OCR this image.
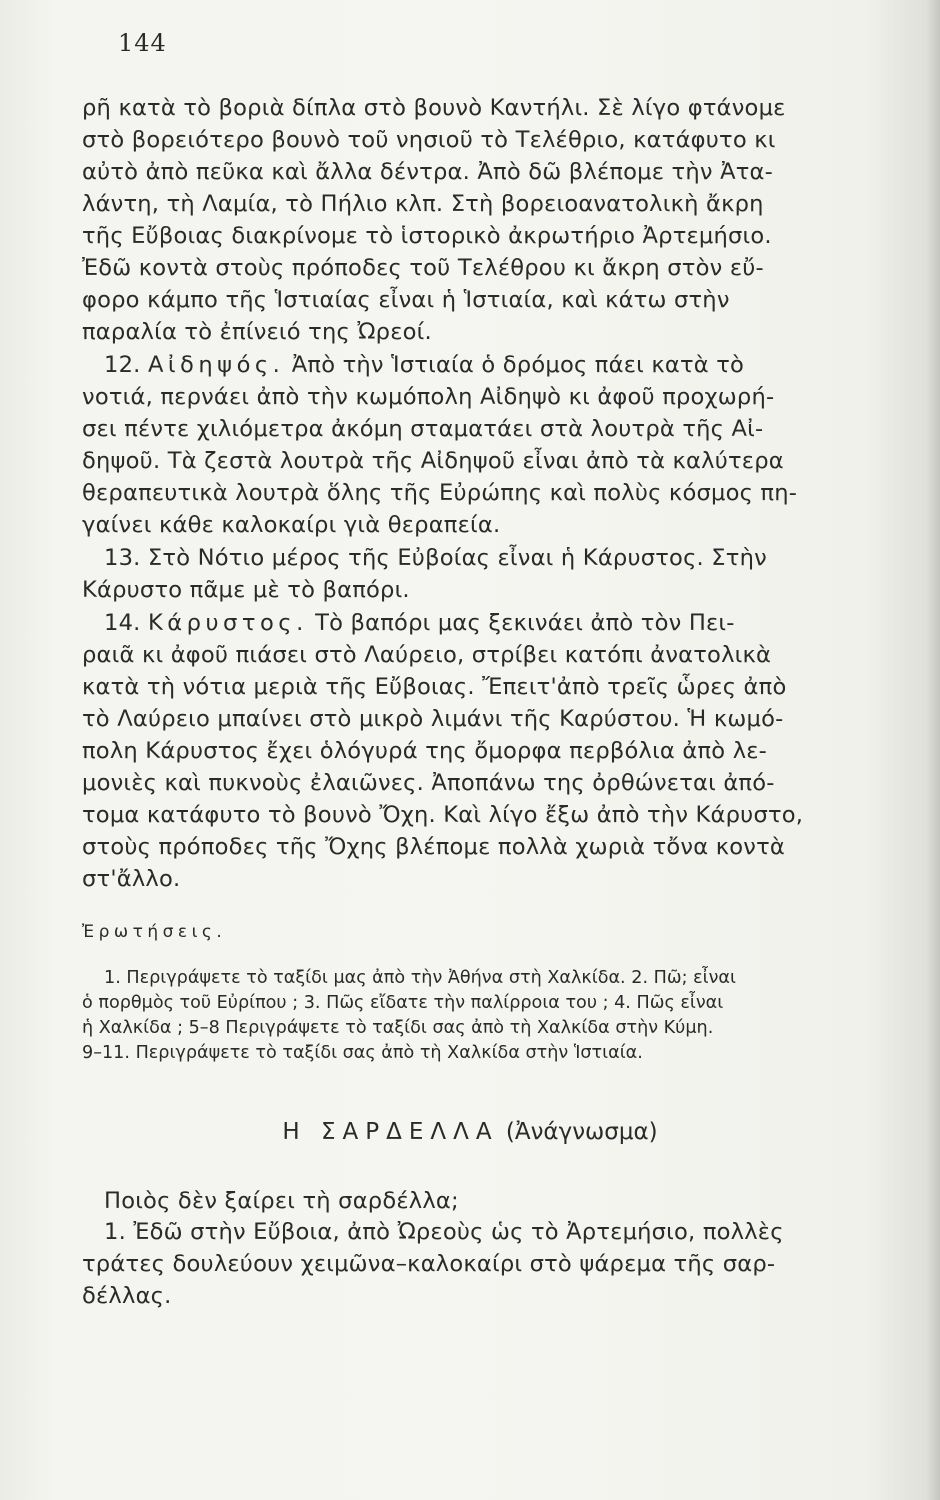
144
ρῆ κατὰ τὸ βοριὰ δίπλα στὸ βουνὸ Καντήλι. Σὲ λίγο φτάνομε
στὸ βορειότερο βουνὸ τοῦ νησιοῦ τὸ Τελέθριο, κατάφυτο κι
αὐτὸ ἀπὸ πεῦκα καὶ ἄλλα δέντρα. Ἀπὸ δῶ βλέπομε τὴν Ἀτα-
λάντη, τὴ Λαμία, τὸ Πήλιο κλπ. Στὴ βορειοανατολικὴ ἄκρη
τῆς Εὔβοιας διακρίνομε τὸ ἱστορικὸ ἀκρωτήριο Ἀρτεμήσιο.
Ἐδῶ κοντὰ στοὺς πρόποδες τοῦ Τελέθρου κι ἄκρη στὸν εὔ-
φορο κάμπο τῆς Ἱστιαίας εἶναι ἡ Ἱστιαία, καὶ κάτω στὴν
παραλία τὸ ἐπίνειό της Ὠρεοί.
12. Αἰδηψός. Ἀπὸ τὴν Ἱστιαία ὁ δρόμος πάει κατὰ τὸ
νοτιά, περνάει ἀπὸ τὴν κωμόπολη Αἰδηψὸ κι ἀφοῦ προχωρή-
σει πέντε χιλιόμετρα ἀκόμη σταματάει στὰ λουτρὰ τῆς Αἰ-
δηψοῦ. Τὰ ζεστὰ λουτρὰ τῆς Αἰδηψοῦ εἶναι ἀπὸ τὰ καλύτερα
θεραπευτικὰ λουτρὰ ὅλης τῆς Εὐρώπης καὶ πολὺς κόσμος πη-
γαίνει κάθε καλοκαίρι γιὰ θεραπεία.
13. Στὸ Νότιο μέρος τῆς Εὐβοίας εἶναι ἡ Κάρυστος. Στὴν
Κάρυστο πᾶμε μὲ τὸ βαπόρι.
14. Κάρυστος. Τὸ βαπόρι μας ξεκινάει ἀπὸ τὸν Πει-
ραιᾶ κι ἀφοῦ πιάσει στὸ Λαύρειο, στρίβει κατόπι ἀνατολικὰ
κατὰ τὴ νότια μεριὰ τῆς Εὔβοιας. Ἔπειτ'ἀπὸ τρεῖς ὧρες ἀπὸ
τὸ Λαύρειο μπαίνει στὸ μικρὸ λιμάνι τῆς Καρύστου. Ἡ κωμό-
πολη Κάρυστος ἔχει ὁλόγυρά της ὄμορφα περβόλια ἀπὸ λε-
μονιὲς καὶ πυκνοὺς ἐλαιῶνες. Ἀποπάνω της ὀρθώνεται ἀπό-
τομα κατάφυτο τὸ βουνὸ Ὄχη. Καὶ λίγο ἔξω ἀπὸ τὴν Κάρυστο,
στοὺς πρόποδες τῆς Ὄχης βλέπομε πολλὰ χωριὰ τὄνα κοντὰ
στ'ἄλλο.
Ἐρωτήσεις.
1. Περιγράψετε τὸ ταξίδι μας ἀπὸ τὴν Ἀθήνα στὴ Χαλκίδα. 2. Πῶ; εἶναι
ὁ πορθμὸς τοῦ Εὐρίπου ; 3. Πῶς εἴδατε τὴν παλίρροια του ; 4. Πῶς εἶναι
ἡ Χαλκίδα ; 5–8 Περιγράψετε τὸ ταξίδι σας ἀπὸ τὴ Χαλκίδα στὴν Κύμη.
9–11. Περιγράψετε τὸ ταξίδι σας ἀπὸ τὴ Χαλκίδα στὴν Ἱστιαία.
Η ΣΑΡΔΕΛΛΑ (Ἀνάγνωσμα)
Ποιὸς δὲν ξαίρει τὴ σαρδέλλα;
1. Ἐδῶ στὴν Εὔβοια, ἀπὸ Ὠρεοὺς ὡς τὸ Ἀρτεμήσιο, πολλὲς
τράτες δουλεύουν χειμῶνα–καλοκαίρι στὸ ψάρεμα τῆς σαρ-
δέλλας.
